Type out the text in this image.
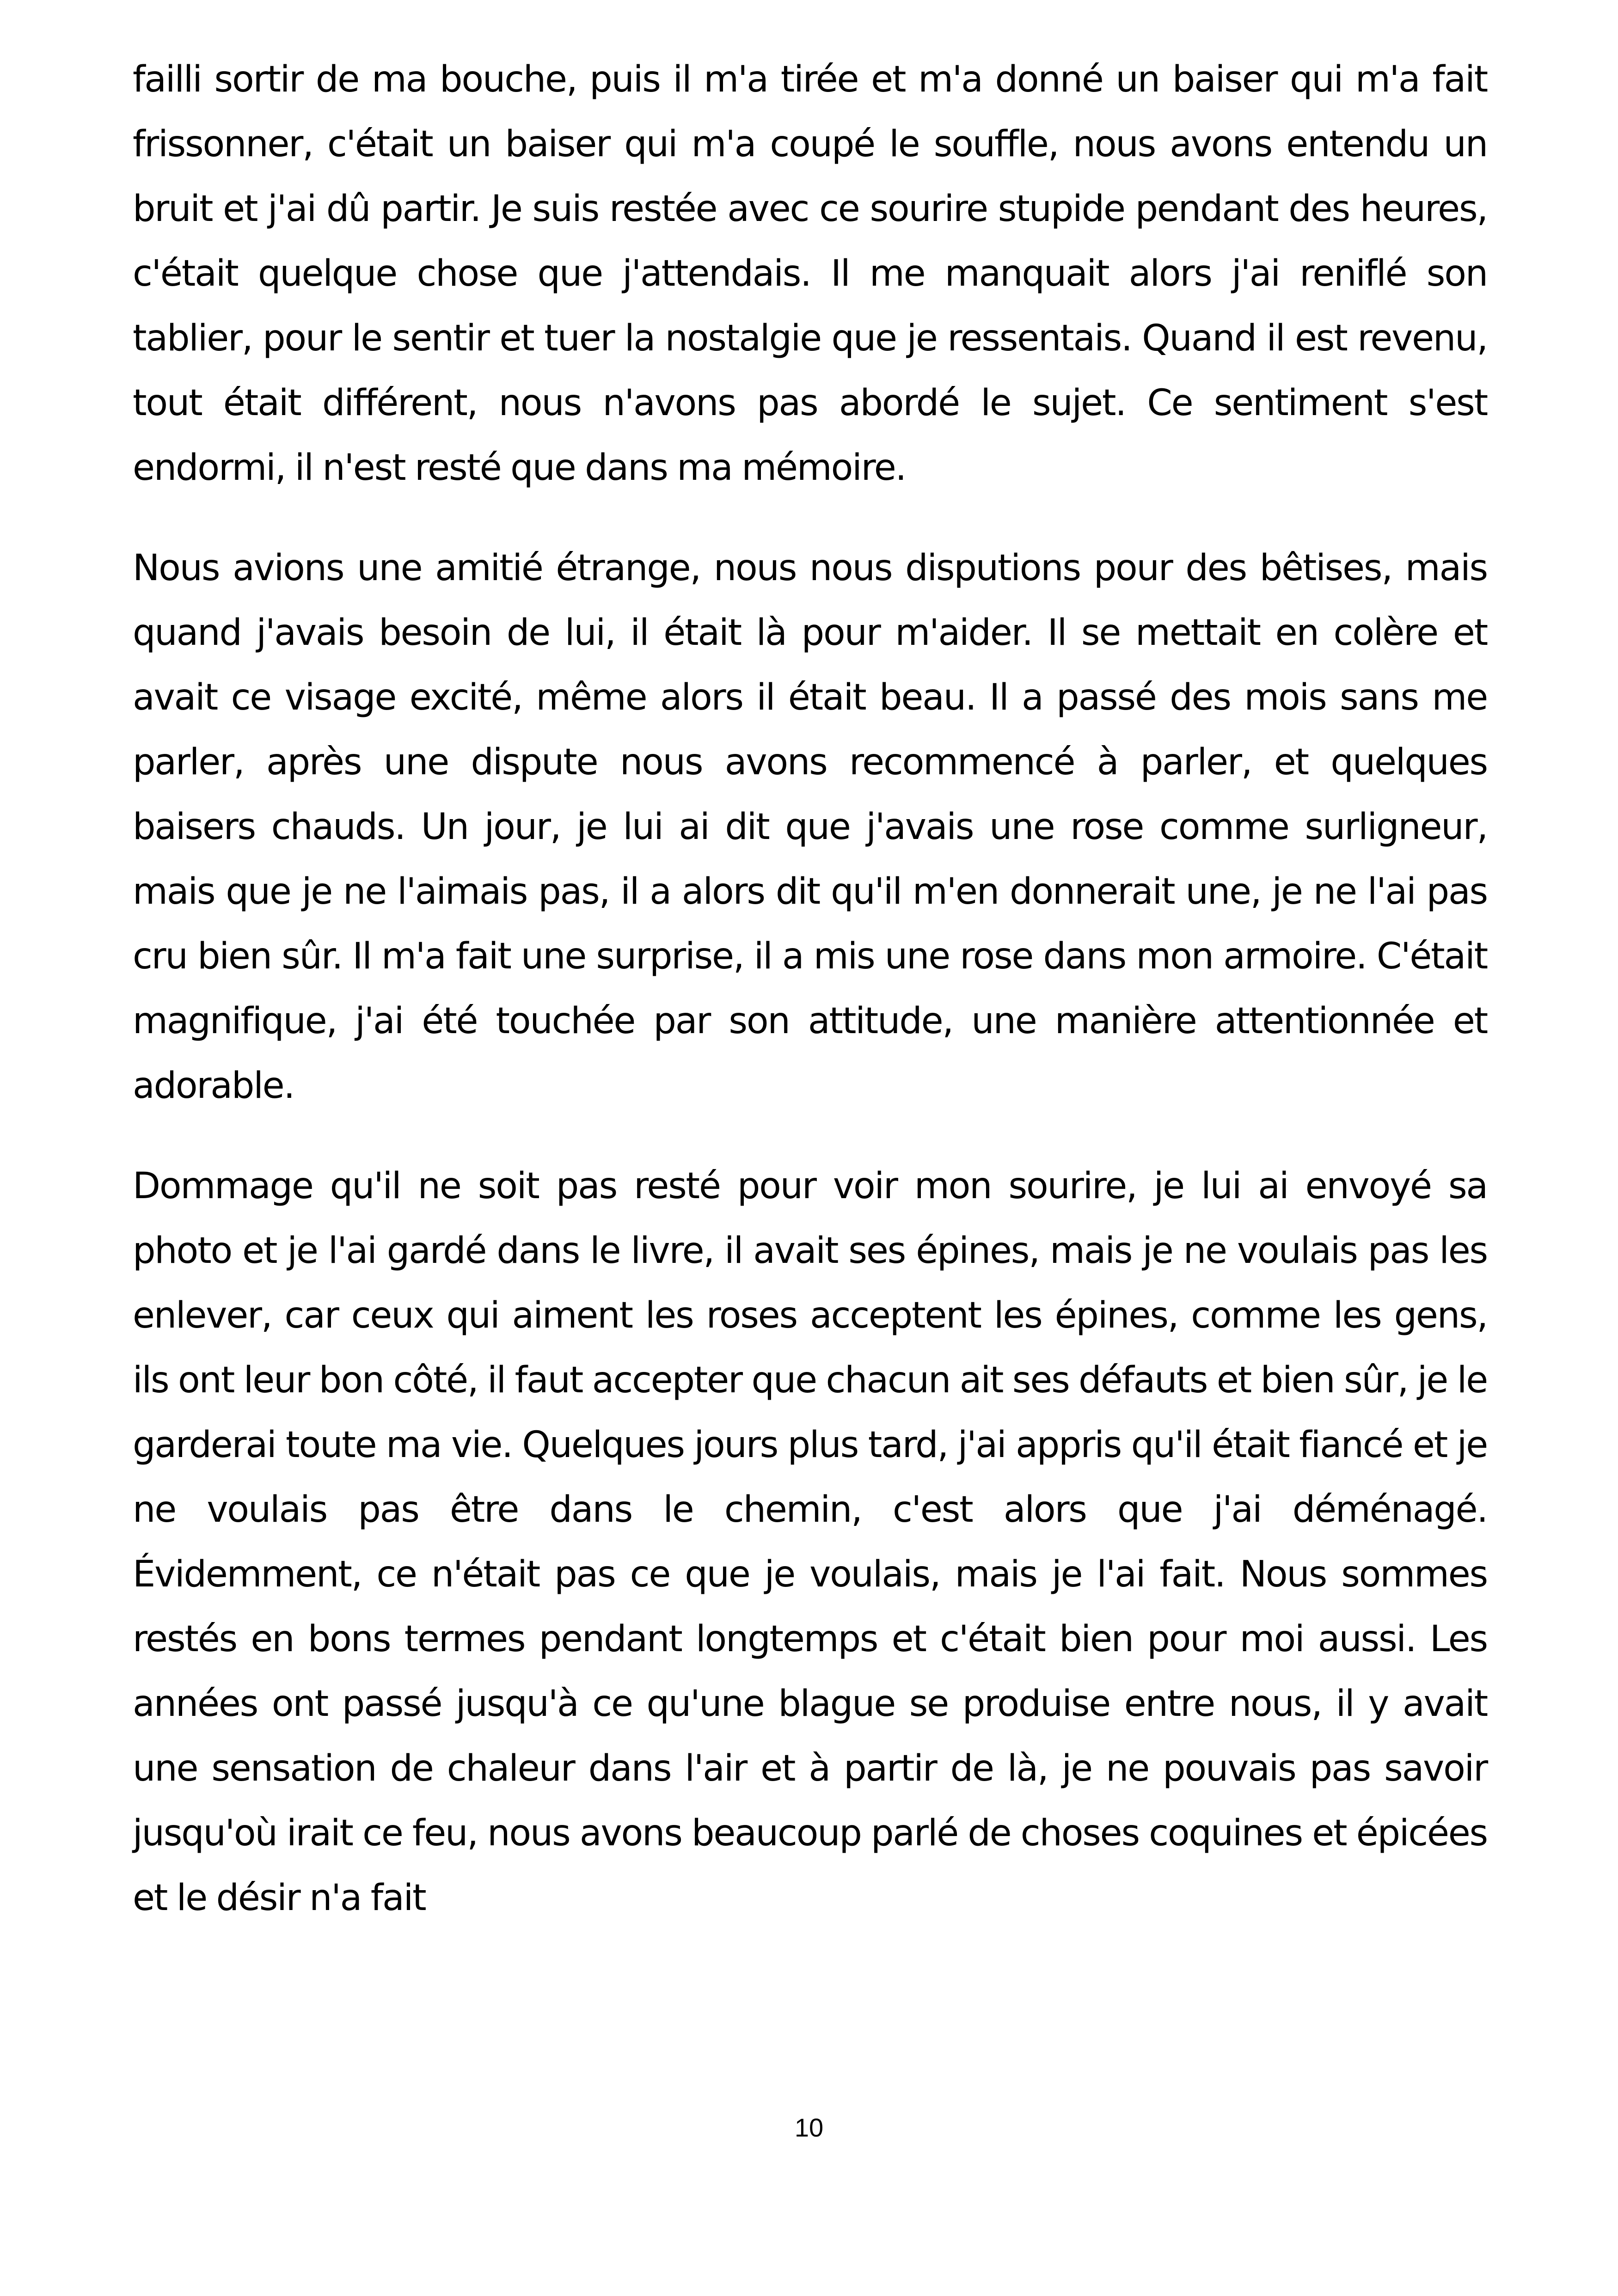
failli sortir de ma bouche, puis il m'a tirée et m'a donné un baiser qui m'a fait frissonner, c'était un baiser qui m'a coupé le souffle, nous avons entendu un bruit et j'ai dû partir. Je suis restée avec ce sourire stupide pendant des heures, c'était quelque chose que j'attendais. Il me manquait alors j'ai reniflé son tablier, pour le sentir et tuer la nostalgie que je ressentais. Quand il est revenu, tout était différent, nous n'avons pas abordé le sujet. Ce sentiment s'est endormi, il n'est resté que dans ma mémoire.

Nous avions une amitié étrange, nous nous disputions pour des bêtises, mais quand j'avais besoin de lui, il était là pour m'aider. Il se mettait en colère et avait ce visage excité, même alors il était beau. Il a passé des mois sans me parler, après une dispute nous avons recommencé à parler, et quelques baisers chauds. Un jour, je lui ai dit que j'avais une rose comme surligneur, mais que je ne l'aimais pas, il a alors dit qu'il m'en donnerait une, je ne l'ai pas cru bien sûr. Il m'a fait une surprise, il a mis une rose dans mon armoire. C'était magnifique, j'ai été touchée par son attitude, une manière attentionnée et adorable.

Dommage qu'il ne soit pas resté pour voir mon sourire, je lui ai envoyé sa photo et je l'ai gardé dans le livre, il avait ses épines, mais je ne voulais pas les enlever, car ceux qui aiment les roses acceptent les épines, comme les gens, ils ont leur bon côté, il faut accepter que chacun ait ses défauts et bien sûr, je le garderai toute ma vie. Quelques jours plus tard, j'ai appris qu'il était fiancé et je ne voulais pas être dans le chemin, c'est alors que j'ai déménagé. Évidemment, ce n'était pas ce que je voulais, mais je l'ai fait. Nous sommes restés en bons termes pendant longtemps et c'était bien pour moi aussi. Les années ont passé jusqu'à ce qu'une blague se produise entre nous, il y avait une sensation de chaleur dans l'air et à partir de là, je ne pouvais pas savoir jusqu'où irait ce feu, nous avons beaucoup parlé de choses coquines et épicées et le désir n'a fait

10
